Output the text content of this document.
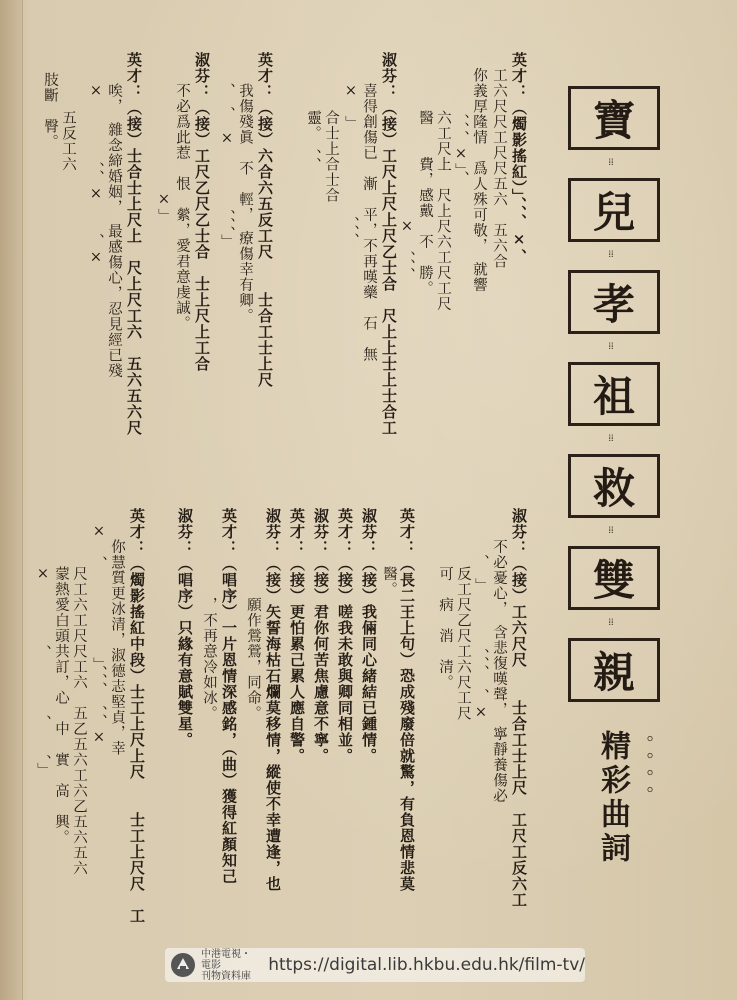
寶
⁞⁞
兒
⁞⁞
孝
⁞⁞
祖
⁞⁞
救
⁞⁞
雙
⁞⁞
親
精彩曲詞 。。。。
英才：（燭影搖紅）」、、、×、
　工六尺尺工尺尺五六　五六合
　你義厚隆情　爲人殊可敬，　就響
　　　　、、、×」、
六工尺上　尺上尺六工尺工尺
醫　　費，感戴　不　勝。
　　　　　　　×　、、、
淑芬：（接）工尺上尺上尺乙士合　尺上上士上士合工
　　喜得創傷已　漸　平，不再嘆藥　石　無
　　×　」　　　　　　、、、
合士上合士合
靈。　、、
英才：（接）六合六五反工尺　　士合工士上尺
　　我傷殘眞　不　輕，　療傷幸有卿。
　　、　、　×　　　　、、、」
淑芬：（接）工尺乙尺乙士合　士上尺上工合
　　不必爲此惹　恨　縈，愛君意虔誠。
　　　　　　　　　×」
英才：（接）士合士上尺上　尺上尺工六　五六五六尺
　　唉，　雜念締婚姻，　最感傷心，忍見經已殘
　　×　　　　、、×　　、×
五反工六
肢斷　臀。
淑芬：（接）工六尺尺　　士合工士上尺　工尺工反六工
　　不必憂心，　含悲復嘆聲，　寧靜養傷必
　　　、　」　　　　、、、　、×
反工尺乙尺工六尺工尺
可　病　消　清。
英才：（長二王上句）恐成殘廢倍就驚，有負恩情悲莫
醫。
淑芬：（接）我倆同心緒結已鍾情。
英才：（接）嗟我未敢與卿同相並。
淑芬：（接）君你何苦焦慮意不寧。
英才：（接）更怕累己累人應自警。
淑芬：（接）矢誓海枯石爛莫移情，縱使不幸遭逢，也
　　願作鶯鶯，同命。
英才：（唱序）一片恩情深感銘，（曲）獲得紅顏知己
　　，不再意冷如冰。
淑芬：（唱序）只緣有意賦雙星。
英才：（燭影搖紅中段）士工上尺上尺　　士工上尺尺　工
　　你慧質更冰清，淑德志堅貞，幸
　×　、　　　　　　」、、、　、、×
尺工六工尺尺工六　五乙五六工六乙五六五六
蒙熱愛白頭共訂，心　中　實　高　興。
×　　　　、　　　　、　　、」
中港電視・電影
刊物資料庫
https://digital.lib.hkbu.edu.hk/film-tv/
